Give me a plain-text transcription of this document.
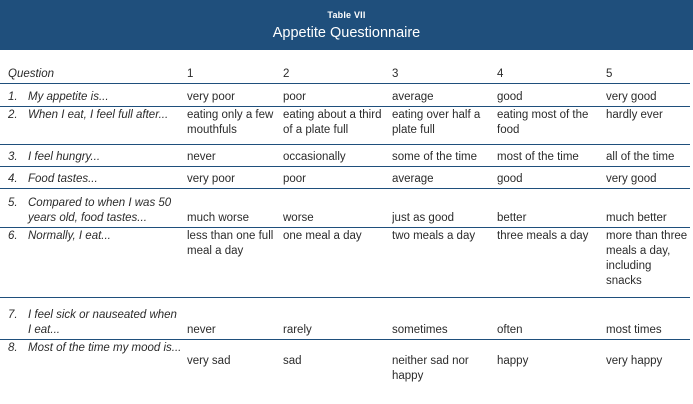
Table VII
Appetite Questionnaire
Question	1	2	3	4	5

1. My appetite is...	very poor	poor	average	good	very good

2. When I eat, I feel full after...	eating only a few mouthfuls	eating about a third of a plate full	eating over half a plate full	eating most of the food	hardly ever

3. I feel hungry...	never	occasionally	some of the time	most of the time	all of the time

4. Food tastes...	very poor	poor	average	good	very good

5. Compared to when I was 50 years old, food tastes...	much worse	worse	just as good	better	much better

6. Normally, I eat...	less than one full meal a day	one meal a day	two meals a day	three meals a day	more than three meals a day, including snacks

7. I feel sick or nauseated when I eat...	never	rarely	sometimes	often	most times

8. Most of the time my mood is...	very sad	sad	neither sad nor happy	happy	very happy
